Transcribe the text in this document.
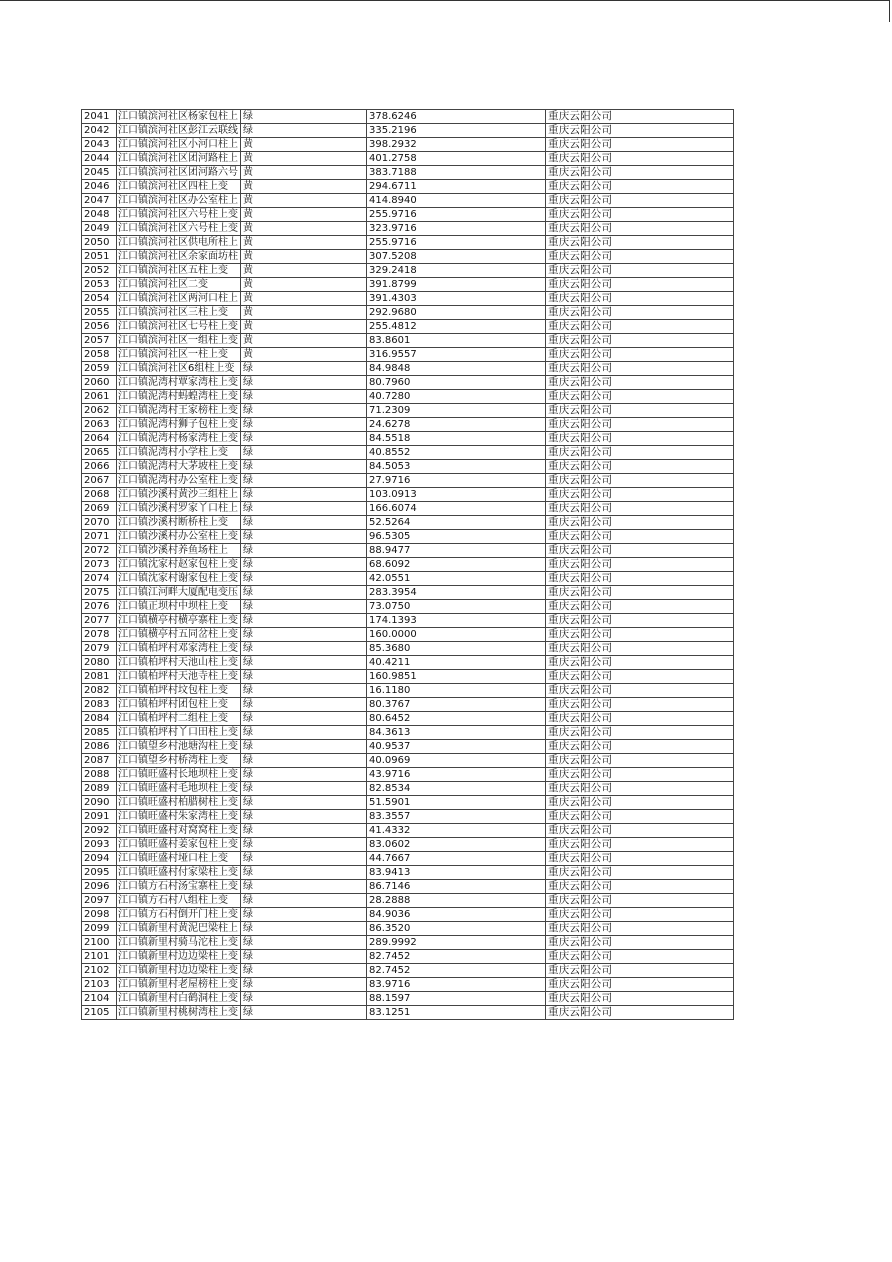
2041	江口镇滨河社区杨家包柱上	绿	378.6246	重庆云阳公司
2042	江口镇滨河社区彭江云联线	绿	335.2196	重庆云阳公司
2043	江口镇滨河社区小河口柱上	黄	398.2932	重庆云阳公司
2044	江口镇滨河社区团河路柱上	黄	401.2758	重庆云阳公司
2045	江口镇滨河社区团河路六号	黄	383.7188	重庆云阳公司
2046	江口镇滨河社区四柱上变	黄	294.6711	重庆云阳公司
2047	江口镇滨河社区办公室柱上	黄	414.8940	重庆云阳公司
2048	江口镇滨河社区六号柱上变	黄	255.9716	重庆云阳公司
2049	江口镇滨河社区六号柱上变	黄	323.9716	重庆云阳公司
2050	江口镇滨河社区供电所柱上	黄	255.9716	重庆云阳公司
2051	江口镇滨河社区余家面坊柱	黄	307.5208	重庆云阳公司
2052	江口镇滨河社区五柱上变	黄	329.2418	重庆云阳公司
2053	江口镇滨河社区二变	黄	391.8799	重庆云阳公司
2054	江口镇滨河社区两河口柱上	黄	391.4303	重庆云阳公司
2055	江口镇滨河社区三柱上变	黄	292.9680	重庆云阳公司
2056	江口镇滨河社区七号柱上变	黄	255.4812	重庆云阳公司
2057	江口镇滨河社区一组柱上变	黄	83.8601	重庆云阳公司
2058	江口镇滨河社区一柱上变	黄	316.9557	重庆云阳公司
2059	江口镇滨河社区6组柱上变	绿	84.9848	重庆云阳公司
2060	江口镇泥湾村覃家湾柱上变	绿	80.7960	重庆云阳公司
2061	江口镇泥湾村蚂蝗湾柱上变	绿	40.7280	重庆云阳公司
2062	江口镇泥湾村王家榜柱上变	绿	71.2309	重庆云阳公司
2063	江口镇泥湾村狮子包柱上变	绿	24.6278	重庆云阳公司
2064	江口镇泥湾村杨家湾柱上变	绿	84.5518	重庆云阳公司
2065	江口镇泥湾村小学柱上变	绿	40.8552	重庆云阳公司
2066	江口镇泥湾村大茅坡柱上变	绿	84.5053	重庆云阳公司
2067	江口镇泥湾村办公室柱上变	绿	27.9716	重庆云阳公司
2068	江口镇沙溪村黄沙三组柱上	绿	103.0913	重庆云阳公司
2069	江口镇沙溪村罗家丫口柱上	绿	166.6074	重庆云阳公司
2070	江口镇沙溪村断桥柱上变	绿	52.5264	重庆云阳公司
2071	江口镇沙溪村办公室柱上变	绿	96.5305	重庆云阳公司
2072	江口镇沙溪村养鱼场柱上	绿	88.9477	重庆云阳公司
2073	江口镇沈家村赵家包柱上变	绿	68.6092	重庆云阳公司
2074	江口镇沈家村谢家包柱上变	绿	42.0551	重庆云阳公司
2075	江口镇江河畔大厦配电变压	绿	283.3954	重庆云阳公司
2076	江口镇正坝村中坝柱上变	绿	73.0750	重庆云阳公司
2077	江口镇横亭村横亭寨柱上变	绿	174.1393	重庆云阳公司
2078	江口镇横亭村五同岔柱上变	绿	160.0000	重庆云阳公司
2079	江口镇柏坪村邓家湾柱上变	绿	85.3680	重庆云阳公司
2080	江口镇柏坪村天池山柱上变	绿	40.4211	重庆云阳公司
2081	江口镇柏坪村天池寺柱上变	绿	160.9851	重庆云阳公司
2082	江口镇柏坪村坟包柱上变	绿	16.1180	重庆云阳公司
2083	江口镇柏坪村团包柱上变	绿	80.3767	重庆云阳公司
2084	江口镇柏坪村二组柱上变	绿	80.6452	重庆云阳公司
2085	江口镇柏坪村丫口田柱上变	绿	84.3613	重庆云阳公司
2086	江口镇望乡村池塘沟柱上变	绿	40.9537	重庆云阳公司
2087	江口镇望乡村桥湾柱上变	绿	40.0969	重庆云阳公司
2088	江口镇旺盛村长地坝柱上变	绿	43.9716	重庆云阳公司
2089	江口镇旺盛村毛地坝柱上变	绿	82.8534	重庆云阳公司
2090	江口镇旺盛村柏腊树柱上变	绿	51.5901	重庆云阳公司
2091	江口镇旺盛村朱家湾柱上变	绿	83.3557	重庆云阳公司
2092	江口镇旺盛村对窝窝柱上变	绿	41.4332	重庆云阳公司
2093	江口镇旺盛村姜家包柱上变	绿	83.0602	重庆云阳公司
2094	江口镇旺盛村垭口柱上变	绿	44.7667	重庆云阳公司
2095	江口镇旺盛村付家梁柱上变	绿	83.9413	重庆云阳公司
2096	江口镇方石村汤宝寨柱上变	绿	86.7146	重庆云阳公司
2097	江口镇方石村八组柱上变	绿	28.2888	重庆云阳公司
2098	江口镇方石村倒开门柱上变	绿	84.9036	重庆云阳公司
2099	江口镇新里村黄泥巴梁柱上	绿	86.3520	重庆云阳公司
2100	江口镇新里村骑马沱柱上变	绿	289.9992	重庆云阳公司
2101	江口镇新里村边边梁柱上变	绿	82.7452	重庆云阳公司
2102	江口镇新里村边边梁柱上变	绿	82.7452	重庆云阳公司
2103	江口镇新里村老屋榜柱上变	绿	83.9716	重庆云阳公司
2104	江口镇新里村白鹤洞柱上变	绿	88.1597	重庆云阳公司
2105	江口镇新里村桃树湾柱上变	绿	83.1251	重庆云阳公司
